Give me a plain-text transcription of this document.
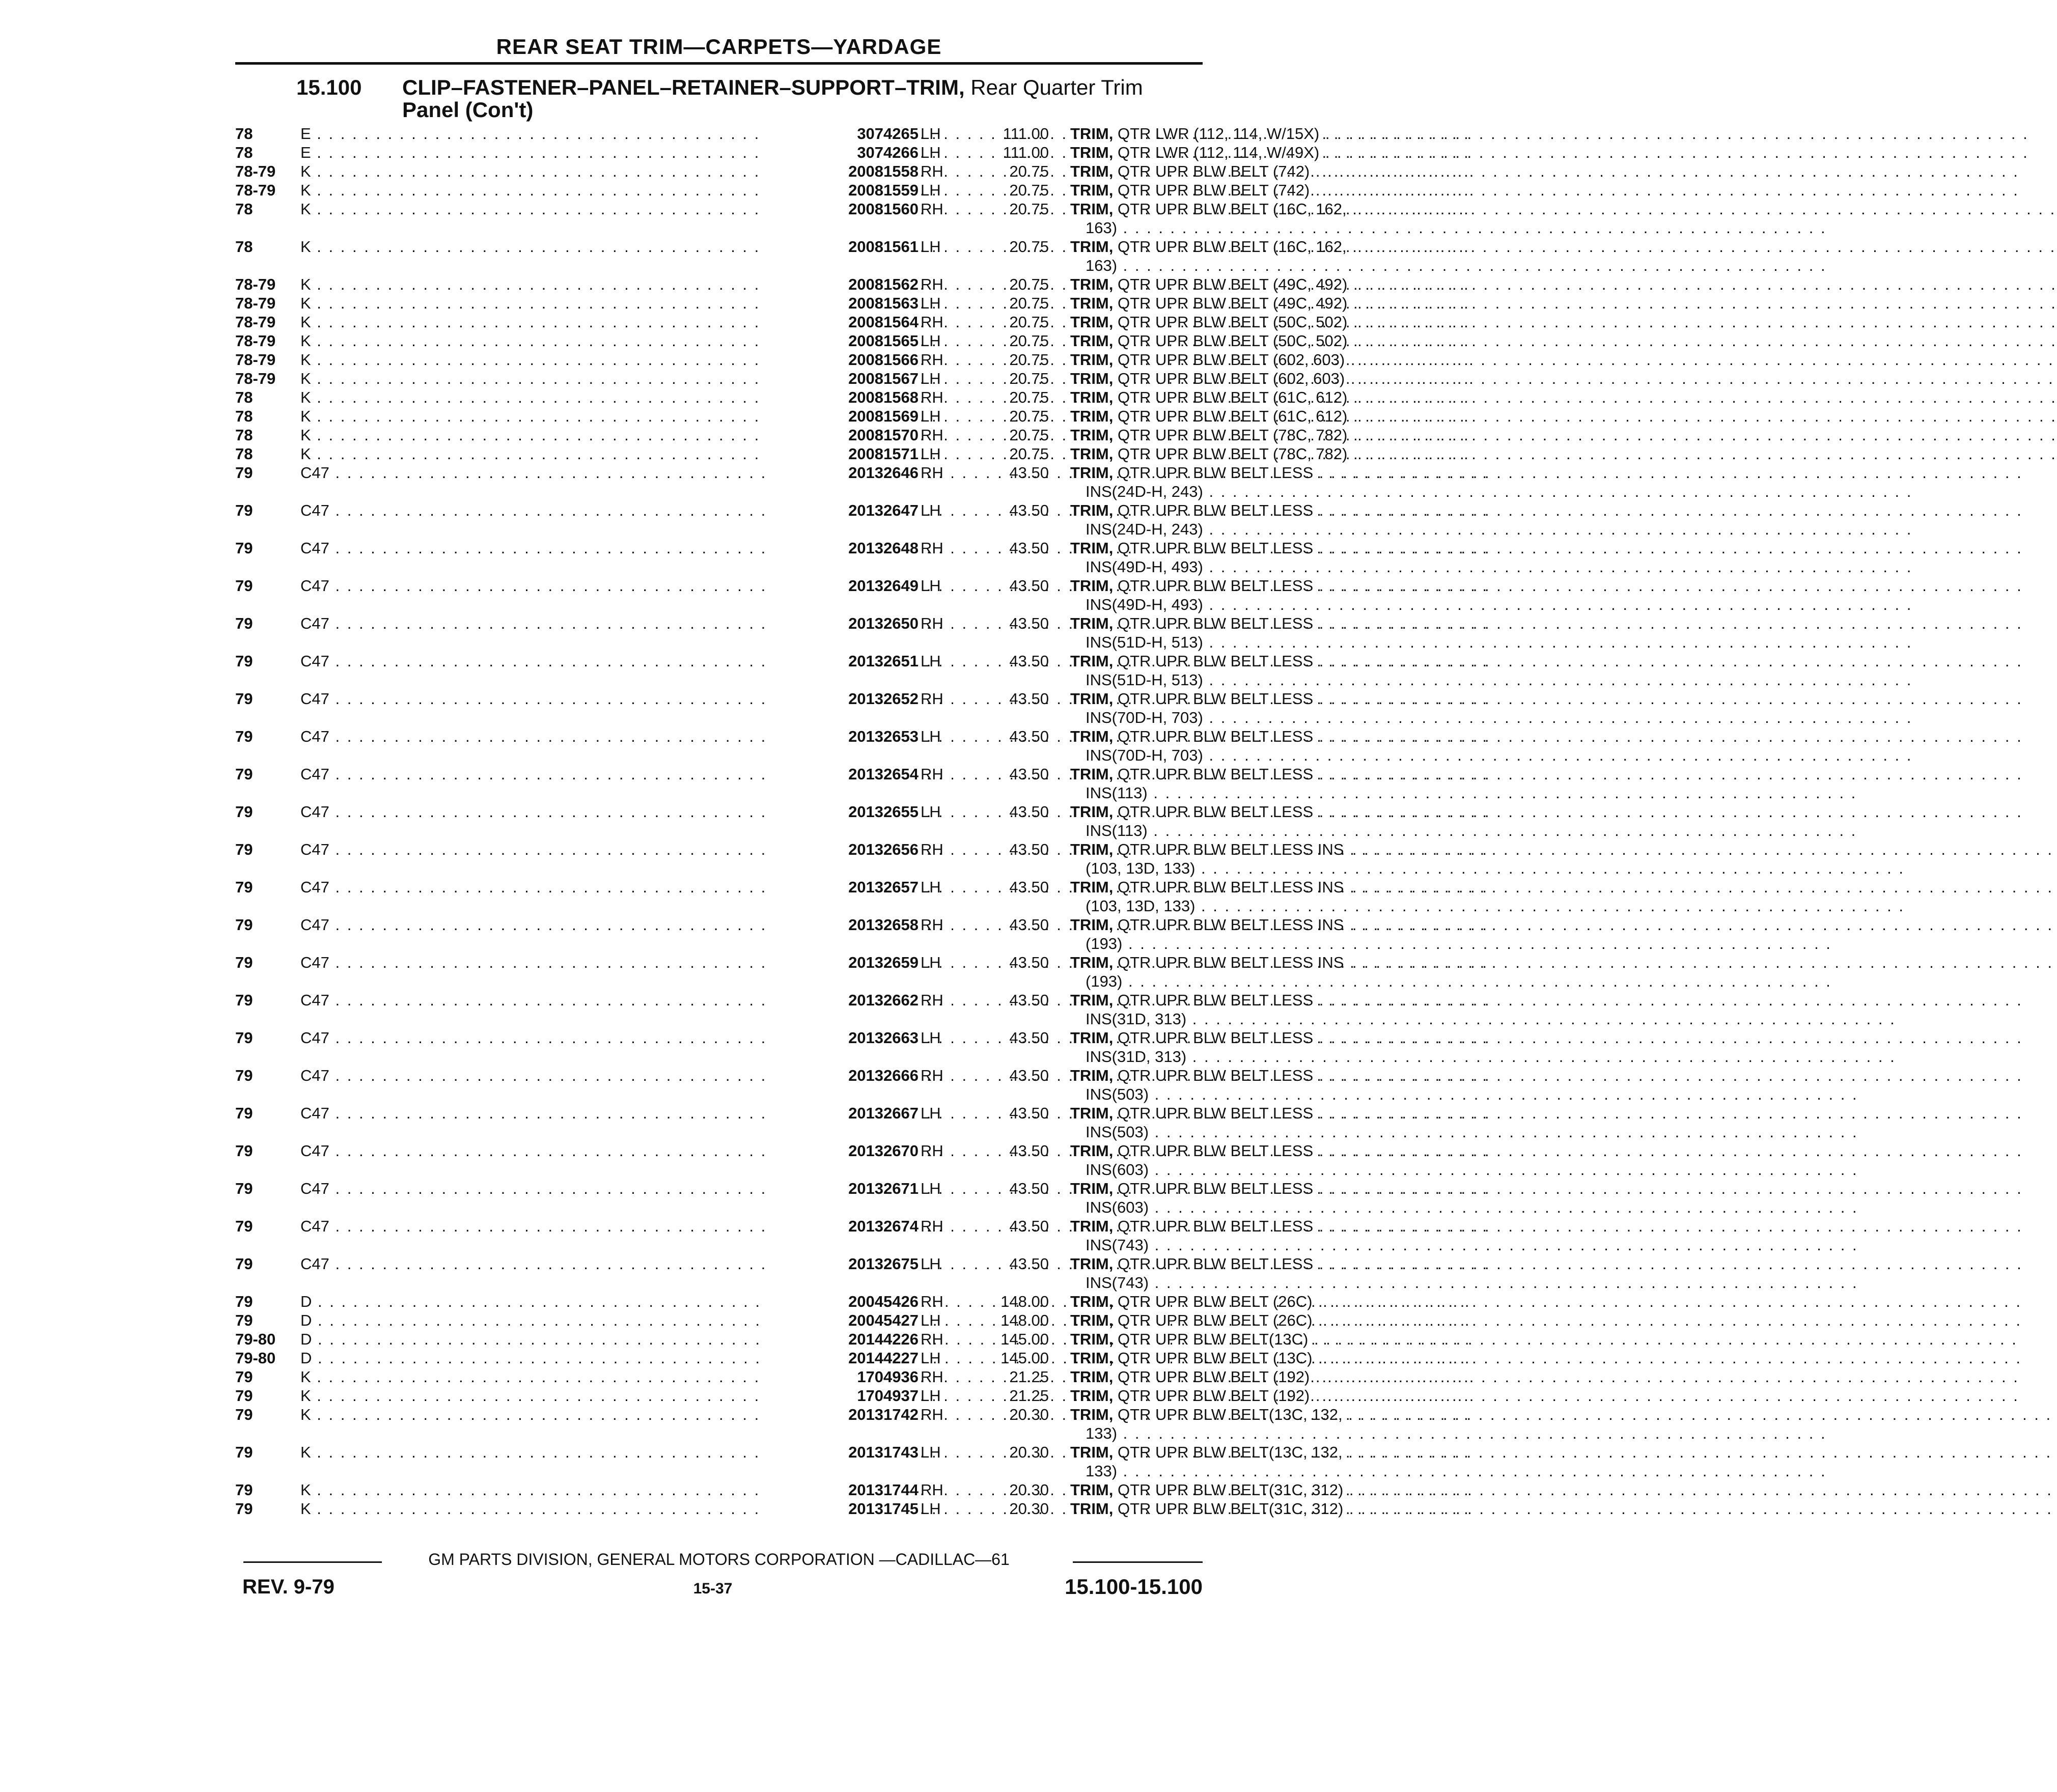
REAR SEAT TRIM—CARPETS—YARDAGE
15.100 CLIP–FASTENER–PANEL–RETAINER–SUPPORT–TRIM, Rear Quarter Trim
Panel (Con't)
78	E . . .	3074265 LH	111.00 TRIM, QTR LWR (112, 114, W/15X) . . .
78	E . . .	3074266 LH	111.00 TRIM, QTR LWR (112, 114, W/49X) . . .
78-79 K . . .	20081558 RH	20.75 TRIM, QTR UPR BLW BELT (742) . . .
78-79 K . . .	20081559 LH	20.75 TRIM, QTR UPR BLW BELT (742) . . .
78	K . . .	20081560 RH	20.75 TRIM, QTR UPR BLW BELT (16C, 162, . . .
163) . . .
78	K . . .	20081561 LH	20.75 TRIM, QTR UPR BLW BELT (16C, 162, . . .
163) . . .
78-79 K . . .	20081562 RH	20.75 TRIM, QTR UPR BLW BELT (49C, 492) . . .
78-79 K . . .	20081563 LH	20.75 TRIM, QTR UPR BLW BELT (49C, 492) . . .
78-79 K . . .	20081564 RH	20.75 TRIM, QTR UPR BLW BELT (50C, 502) . . .
78-79 K . . .	20081565 LH	20.75 TRIM, QTR UPR BLW BELT (50C, 502) . . .
78-79 K . . .	20081566 RH	20.75 TRIM, QTR UPR BLW BELT (602, 603) . . .
78-79 K . . .	20081567 LH	20.75 TRIM, QTR UPR BLW BELT (602, 603) . . .
78	K . . .	20081568 RH	20.75 TRIM, QTR UPR BLW BELT (61C, 612) . . .
78	K . . .	20081569 LH	20.75 TRIM, QTR UPR BLW BELT (61C, 612) . . .
78	K . . .	20081570 RH	20.75 TRIM, QTR UPR BLW BELT (78C, 782) . . .
78	K . . .	20081571 LH	20.75 TRIM, QTR UPR BLW BELT (78C, 782) . . .
79	C47 . . .	20132646 RH	43.50 TRIM, QTR UPR BLW BELT LESS . . .
INS(24D-H, 243) . . .
79	C47 . . .	20132647 LH	43.50 TRIM, QTR UPR BLW BELT LESS . . .
INS(24D-H, 243) . . .
79	C47 . . .	20132648 RH	43.50 TRIM, QTR UPR BLW BELT LESS . . .
INS(49D-H, 493) . . .
79	C47 . . .	20132649 LH	43.50 TRIM, QTR UPR BLW BELT LESS . . .
INS(49D-H, 493) . . .
79	C47 . . .	20132650 RH	43.50 TRIM, QTR UPR BLW BELT LESS . . .
INS(51D-H, 513) . . .
79	C47 . . .	20132651 LH	43.50 TRIM, QTR UPR BLW BELT LESS . . .
INS(51D-H, 513) . . .
79	C47 . . .	20132652 RH	43.50 TRIM, QTR UPR BLW BELT LESS . . .
INS(70D-H, 703) . . .
79	C47 . . .	20132653 LH	43.50 TRIM, QTR UPR BLW BELT LESS . . .
INS(70D-H, 703) . . .
79	C47 . . .	20132654 RH	43.50 TRIM, QTR UPR BLW BELT LESS . . .
INS(113) . . .
79	C47 . . .	20132655 LH	43.50 TRIM, QTR UPR BLW BELT LESS . . .
INS(113) . . .
79	C47 . . .	20132656 RH	43.50 TRIM, QTR UPR BLW BELT LESS INS . . .
(103, 13D, 133) . . .
79	C47 . . .	20132657 LH	43.50 TRIM, QTR UPR BLW BELT LESS INS . . .
(103, 13D, 133) . . .
79	C47 . . .	20132658 RH	43.50 TRIM, QTR UPR BLW BELT LESS INS . . .
(193) . . .
79	C47 . . .	20132659 LH	43.50 TRIM, QTR UPR BLW BELT LESS INS . . .
(193) . . .
79	C47 . . .	20132662 RH	43.50 TRIM, QTR UPR BLW BELT LESS . . .
INS(31D, 313) . . .
79	C47 . . .	20132663 LH	43.50 TRIM, QTR UPR BLW BELT LESS . . .
INS(31D, 313) . . .
79	C47 . . .	20132666 RH	43.50 TRIM, QTR UPR BLW BELT LESS . . .
INS(503) . . .
79	C47 . . .	20132667 LH	43.50 TRIM, QTR UPR BLW BELT LESS . . .
INS(503) . . .
79	C47 . . .	20132670 RH	43.50 TRIM, QTR UPR BLW BELT LESS . . .
INS(603) . . .
79	C47 . . .	20132671 LH	43.50 TRIM, QTR UPR BLW BELT LESS . . .
INS(603) . . .
79	C47 . . .	20132674 RH	43.50 TRIM, QTR UPR BLW BELT LESS . . .
INS(743) . . .
79	C47 . . .	20132675 LH	43.50 TRIM, QTR UPR BLW BELT LESS . . .
INS(743) . . .
79	D . . .	20045426 RH	148.00 TRIM, QTR UPR BLW BELT (26C) . . .
79	D . . .	20045427 LH	148.00 TRIM, QTR UPR BLW BELT (26C) . . .
79-80 D . . .	20144226 RH	145.00 TRIM, QTR UPR BLW BELT(13C) . . .
79-80 D . . .	20144227 LH	145.00 TRIM, QTR UPR BLW BELT (13C) . . .
79	K . . .	1704936 RH	21.25 TRIM, QTR UPR BLW BELT (192) . . .
79	K . . .	1704937 LH	21.25 TRIM, QTR UPR BLW BELT (192) . . .
79	K . . .	20131742 RH	20.30 TRIM, QTR UPR BLW BELT(13C, 132, . . .
133) . . .
79	K . . .	20131743 LH	20.30 TRIM, QTR UPR BLW BELT(13C, 132, . . .
133) . . .
79	K . . .	20131744 RH	20.30 TRIM, QTR UPR BLW BELT(31C, 312) . . .
79	K . . .	20131745 LH	20.30 TRIM, QTR UPR BLW BELT(31C, 312) . . .
GM PARTS DIVISION, GENERAL MOTORS CORPORATION —CADILLAC—61
REV. 9-79	15-37	15.100-15.100
